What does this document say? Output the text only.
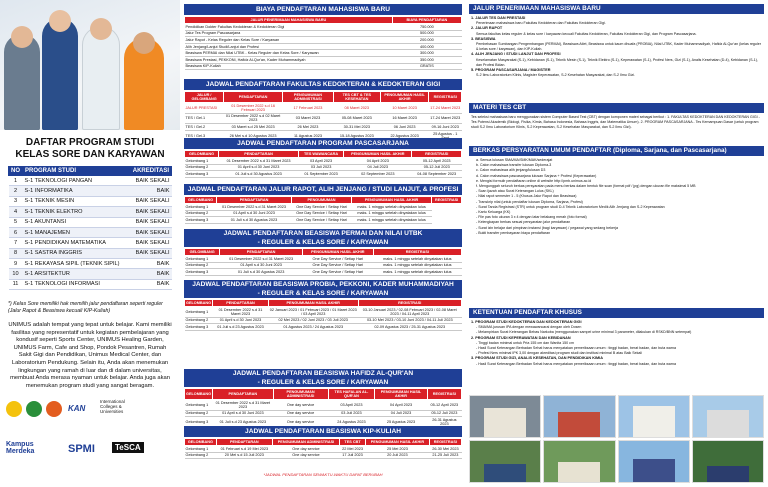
DAFTAR PROGRAM STUDI
KELAS SORE DAN KARYAWAN
NO	PROGRAM STUDI	AKREDITASI
1	S-1 TEKNOLOGI PANGAN	BAIK SEKALI
2	S-1 INFORMATIKA	BAIK
3	S-1 TEKNIK MESIN	BAIK SEKALI
4	S-1 TEKNIK ELEKTRO	BAIK SEKALI
5	S-1 AKUNTANSI	BAIK SEKALI
6	S-1 MANAJEMEN	BAIK SEKALI
7	S-1 PENDIDIKAN MATEMATIKA	BAIK SEKALI
8	S-1 SASTRA INGGRIS	BAIK SEKALI
9	S-1 REKAYASA SIPIL (TEKNIK SIPIL)	BAIK
10	S-1 ARSITEKTUR	BAIK
11	S-1 TEKNOLOGI INFORMASI	BAIK
*) Kelas Sore memiliki hak memilih jalur pendaftaran seperti reguler (Jalur Rapot & Beasiswa kecuali KIP-Kuliah)
UNIMUS adalah tempat yang tepat untuk belajar. Kami memiliki fasilitas yang representatif untuk kegiatan pembelajaran yang kondusif seperti Sports Center, UNIMUS Healing Garden, UNIMUS Farm, Cafe and Shop, Pondok Pesantren, Rumah Sakit Gigi dan Pendidikan, Unimus Medical Center, dan Laboratorium Pendukung. Selain itu, Anda akan menemukan lingkungan yang ramah di luar dan di dalam universitas, membuat Anda merasa nyaman untuk belajar. Anda juga akan menemukan program studi yang sangat beragam.
KAN
International Colleges & Universities
Kampus Merdeka	SPMI	TeSCA
BIAYA PENDAFTARAN MAHASISWA BARU
JALUR PENERIMAAN MAHASISWA BARU	BIAYA PENDAFTARAN
Pendidikan Dokter Fakultas Kedokteran & Kedokteran Gigi	750.000
Jalur Tes Program Pascasarjana	500.000
Jalur Rapot - Kelas Reguler dan Kelas Sore / Karyawan	200.000
Alih Jenjang/Lanjut Studi/Lanjut dan Profesi	400.000
Beasiswa PERMAI dan Nilai UTBK - Kelas Reguler dan Kelas Sore / Karyawan	300.000
Beasiswa Prestasi, PEKKONI, Hafidz Al-Qur'an, Kader Muhammadiyah	350.000
Beasiswa KIP-Kuliah	GRATIS
JADWAL PENDAFTARAN FAKULTAS KEDOKTERAN & KEDOKTERAN GIGI
JALUR / GELOMBANG	PENDAFTARAN	PENGUMUMAN ADMINISTRASI	TES CBT & TES KESEHATAN	PENGUMUMAN HASIL AKHIR	REGISTRASI
JALUR PRESTASI	01 Desember 2022 s.d 16 Februari 2023	17 Februari 2023	08 Maret 2023	10 Maret 2023	17-24 Maret 2023
TES / Gel.1	01 Desember 2022 s.d 02 Maret 2023	03 Maret 2023	05-08 Maret 2023	16 Maret 2023	17-24 Maret 2023
TES / Gel.2	03 Maret s.d 25 Mei 2023	26 Mei 2023	30-31 Mei 2023	06 Juni 2023	09-16 Juni 2023
TES / Gel.3	26 Mei s.d 10 Agustus 2023	11 Agustus 2023	15-18 Agustus 2023	22 Agustus 2023	25 Agustus - 1
JADWAL PENDAFTARAN PROGRAM PASCASARJANA
GELOMBANG	PENDAFTARAN	TES WAWANCARA	PENGUMUMAN HASIL AKHIR	REGISTRASI
Gelombang 1	01 Desember 2022 s.d 31 Maret 2023	03 April 2023	04 April 2023	05-12 April 2023
Gelombang 2	01 April s.d 30 Juni 2023	03 Juli 2023	04 Juli 2023	05-12 Juli 2023
Gelombang 3	01 Juli s.d 30 Agustus 2023	01 September 2023	02 September 2023	04-08 September 2023
JADWAL PENDAFTARAN JALUR RAPOT, ALIH JENJANG / STUDI LANJUT, & PROFESI
GELOMBANG	PENDAFTARAN	PENGUMUMAN	PENGUMUMAN HASIL AKHIR	REGISTRASI
Gelombang 1	01 Desember 2022 s.d 31 Maret 2023	One Day Service / Setiap Hari	maks. 1 minggu setelah dinyatakan lulus	
Gelombang 2	01 April s.d 30 Juni 2023	One Day Service / Setiap Hari	maks. 1 minggu setelah dinyatakan lulus	
Gelombang 3	01 Juli s.d 30 Agustus 2023	One Day Service / Setiap Hari	maks. 1 minggu setelah dinyatakan lulus	
JADWAL PENDAFTARAN BEASISWA PERMAI DAN NILAI UTBK
- REGULER & KELAS SORE / KARYAWAN
GELOMBANG	PENDAFTARAN	PENGUMUMAN HASIL AKHIR	REGISTRASI
Gelombang 1	01 Desember 2022 s.d 31 Maret 2023	One Day Service / Setiap Hari	maks. 1 minggu setelah dinyatakan lulus
Gelombang 2	01 April s.d 30 Juni 2023	One Day Service / Setiap Hari	maks. 1 minggu setelah dinyatakan lulus
Gelombang 3	01 Juli s.d 30 Agustus 2023	One Day Service / Setiap Hari	maks. 1 minggu setelah dinyatakan lulus
JADWAL PENDAFTARAN BEASISWA PROBIA, PEKKONI, KADER MUHAMMADIYAH
- REGULER & KELAS SORE / KARYAWAN
GELOMBANG	PENDAFTARAN	PENGUMUMAN HASIL AKHIR	REGISTRASI
Gelombang 1	01 Desember 2022 s.d 31 Maret 2023	02 Januari 2023 / 01 Februari 2023 / 01 Maret 2023 / 03 April 2023	03-10 Januari 2023 / 02-08 Februari 2023 / 02-08 Maret 2023 / 04-11 April 2023
Gelombang 2	01 April s.d 30 Juni 2023	02 Mei 2023 / 02 Juni 2023 / 03 Juli 2023	03-10 Mei 2023 / 03-10 Juni 2023 / 04-11 Juli 2023
Gelombang 3	01 Juli s.d 23 Agustus 2023	01 Agustus 2023 / 24 Agustus 2023	02-09 Agustus 2023 / 25-31 Agustus 2023
JADWAL PENDAFTARAN BEASISWA HAFIDZ AL-QUR'AN
- REGULER & KELAS SORE / KARYAWAN
GELOMBANG	PENDAFTARAN	PENGUMUMAN ADMINISTRASI	TES HAFALAN AL-QUR'AN	PENGUMUMAN HASIL AKHIR	REGISTRASI
Gelombang 1	01 Desember 2022 s.d 31 Maret 2023	One day service	03 April 2023	04 April 2023	05-12 April 2023
Gelombang 2	01 April s.d 30 Juni 2023	One day service	03 Juli 2023	04 Juli 2023	05-12 Juli 2023
Gelombang 3	01 Juli s.d 23 Agustus 2023	One day service	24 Agustus 2023	25 Agustus 2023	26-31 Agustus 2023
JADWAL PENDAFTARAN BEASISWA KIP-KULIAH
GELOMBANG	PENDAFTARAN	PENGUMUMAN ADMINISTRASI	TES CBT	PENGUMUMAN HASIL AKHIR	REGISTRASI
Gelombang 1	01 Februari s.d 19 Mei 2023	One day service	22 Mei 2023	25 Mei 2023	26-30 Mei 2023
Gelombang 2	20 Mei s.d 15 Juli 2023	One day service	17 Juli 2023	20 Juli 2023	21-25 Juli 2023
*JADWAL PENDAFTARAN SEWAKTU-WAKTU DAPAT BERUBAH
JALUR PENERIMAAN MAHASISWA BARU
1. JALUR TES DAN PRESTASI
Penerimaan mahasiswa baru Fakultas Kedokteran dan Fakultas Kedokteran Gigi.
2. JALUR RAPOT
Semua fakultas kelas reguler & kelas sore / karyawan kecuali Fakultas Kedokteran, Fakultas Kedokteran Gigi, dan Program Pascasarjana.
3. BEASISWA
Pembebasan Sumbangan Pengembangan (PERMAI), Beasiswa Atlet, Beasiswa untuk kaum dhuafa (PROBIA), Nilai UTBK, Kader Muhammadiyah, Hafidz Al-Qur'an (kelas reguler & kelas sore / karyawan), dan KIP-Kuliah.
4. ALIH JENJANG / STUDI LANJUT DAN PROFESI
Keselamatan Masyarakat (S-1), Kebidanan (S-1), Teknik Mesin (S-1), Teknik Elektro (S-1), Keperawatan (S-1), Profesi Ners, Gizi (S-1), Analis Kesehatan (D-4), Kebidanan (S-1), dan Profesi Bidan.
5. PROGRAM PASCASARJANA / MAGISTER
S-2 Ilmu Laboratorium Klinis, Magister Keperawatan, S-2 Kesehatan Masyarakat, dan S-2 Ilmu Gizi.
MATERI TES CBT
Tes seleksi mahasiswa baru menggunakan sistem Computer Based Test (CBT) dengan komponen materi sebagai berikut : 1. FAKULTAS KEDOKTERAN DAN KEDOKTERAN GIGI - Tes Potensi Akademik (Biologi, Fisika, Kimia, Bahasa Indonesia, Bahasa Inggris, dan Matematika Umum). 2. PROGRAM PASCASARJANA - Tes Kemampuan Dasar (untuk program studi S-2 Ilmu Laboratorium Klinis, S-2 Keperawatan, S-2 Kesehatan Masyarakat, dan S-2 Ilmu Gizi).
BERKAS PERSYARATAN UMUM PENDAFTAR (Diploma, Sarjana, dan Pascasarjana)
a. Semua lulusan SMA/MA/SMK/MAK/sederajat
b. Calon mahasiswa transfer lulusan Diploma-3
c. Calon mahasiswa alih jenjang/lulusan D3
d. Calon mahasiswa pascasarjana lulusan Sarjana + Profesi (Keperawatan)
e. Mengisi formulir pendaftaran online di website http://pmb.unimus.ac.id
f. Mengunggah seluruh berkas persyaratan pada menu berkas dalam bentuk file scan (format pdf / jpg) dengan ukuran file maksimal 5 MB
- Scan ijazah atau Surat Keterangan Lulus (SKL)
- Nilai rapot semester 1 - 5 (Khusus Jalur Rapot dan Beasiswa)
- Transkrip nilai (untuk pendaftar lulusan Diploma, Sarjana, Profesi)
- Surat Tanda Registrasi (STR) untuk program studi D-4 Teknik Laboratorium Medik Alih Jenjang dan S-2 Keperawatan
- Kartu Keluarga (KK)
- File pas foto ukuran 3 x 4 dengan latar belakang merah (foto formal)
- Kelengkapan berkas sesuai persyaratan jalur pendaftaran
- Surat izin belajar dari pimpinan instansi (bagi karyawan) / pegawai yang sedang bekerja
- Bukti transfer pembayaran biaya pendaftaran
KETENTUAN PENDAFTAR KHUSUS
1. PROGRAM STUDI KEDOKTERAN DAN KEDOKTERAN GIGI
- SMA/MA jurusan IPA dengan mewawancarai dengan oleh Dosen
- Melampirkan Surat Keterangan Bebas Narkoba (menggunakan sampel urine minimal 3 parameter, dilakukan di RSKD/BNN setempat)
2. PROGRAM STUDI KEPERAWATAN DAN KEBIDANAN
- Tinggi badan minimal untuk Pria 155 cm dan Wanita 150 cm
- Hasil Surat Keterangan Berbadan Sehat harus menyatakan pemeriksaan umum : tinggi badan, berat badan, dan buta warna
- Profesi Ners minimal IPK 3,00 dengan akreditasi program studi dan institusi minimal B atau Baik Sekali
3. PROGRAM STUDI GIZI, ANALIS KESEHATAN, DAN PENDIDIKAN KIMIA
- Hasil Surat Keterangan Berbadan Sehat harus menyatakan pemeriksaan umum : tinggi badan, berat badan, dan buta warna
